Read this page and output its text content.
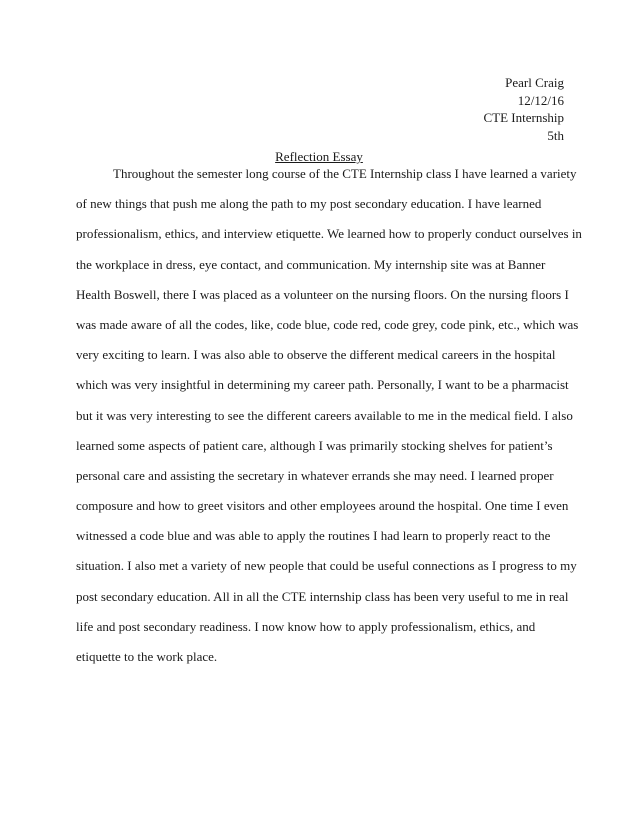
Pearl Craig
12/12/16
CTE Internship
5th
Reflection Essay
Throughout the semester long course of the CTE Internship class I have learned a variety
of new things that push me along the path to my post secondary education. I have learned
professionalism, ethics, and interview etiquette. We learned how to properly conduct ourselves in
the workplace in dress, eye contact, and communication. My internship site was at Banner
Health Boswell, there I was placed as a volunteer on the nursing floors. On the nursing floors I
was made aware of all the codes, like, code blue, code red, code grey, code pink, etc., which was
very exciting to learn. I was also able to observe the different medical careers in the hospital
which was very insightful in determining my career path. Personally, I want to be a pharmacist
but it was very interesting to see the different careers available to me in the medical field. I also
learned some aspects of patient care, although I was primarily stocking shelves for patient’s
personal care and assisting the secretary in whatever errands she may need. I learned proper
composure and how to greet visitors and other employees around the hospital. One time I even
witnessed a code blue and was able to apply the routines I had learn to properly react to the
situation. I also met a variety of new people that could be useful connections as I progress to my
post secondary education. All in all the CTE internship class has been very useful to me in real
life and post secondary readiness. I now know how to apply professionalism, ethics, and
etiquette to the work place.
